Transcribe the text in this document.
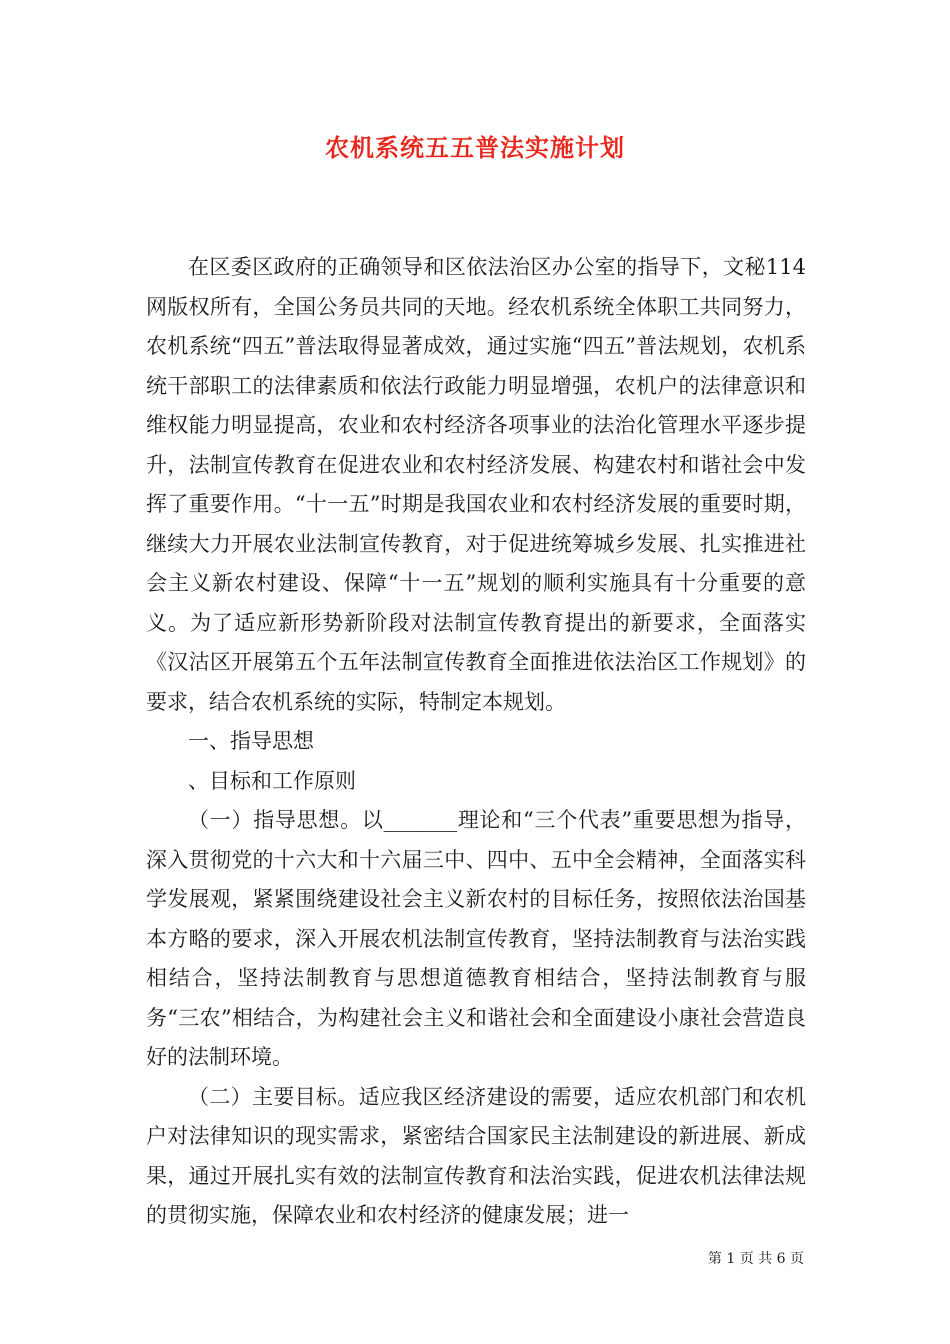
农机系统五五普法实施计划

在区委区政府的正确领导和区依法治区办公室的指导下，文秘114网版权所有，全国公务员共同的天地。经农机系统全体职工共同努力，农机系统“四五”普法取得显著成效，通过实施“四五”普法规划，农机系统干部职工的法律素质和依法行政能力明显增强，农机户的法律意识和维权能力明显提高，农业和农村经济各项事业的法治化管理水平逐步提升，法制宣传教育在促进农业和农村经济发展、构建农村和谐社会中发挥了重要作用。“十一五”时期是我国农业和农村经济发展的重要时期，继续大力开展农业法制宣传教育，对于促进统筹城乡发展、扎实推进社会主义新农村建设、保障“十一五”规划的顺利实施具有十分重要的意义。为了适应新形势新阶段对法制宣传教育提出的新要求，全面落实《汉沽区开展第五个五年法制宣传教育全面推进依法治区工作规划》的要求，结合农机系统的实际，特制定本规划。

一、指导思想

、目标和工作原则

（一）指导思想。以_______理论和“三个代表”重要思想为指导，深入贯彻党的十六大和十六届三中、四中、五中全会精神，全面落实科学发展观，紧紧围绕建设社会主义新农村的目标任务，按照依法治国基本方略的要求，深入开展农机法制宣传教育，坚持法制教育与法治实践相结合，坚持法制教育与思想道德教育相结合，坚持法制教育与服务“三农”相结合，为构建社会主义和谐社会和全面建设小康社会营造良好的法制环境。

（二）主要目标。适应我区经济建设的需要，适应农机部门和农机户对法律知识的现实需求，紧密结合国家民主法制建设的新进展、新成果，通过开展扎实有效的法制宣传教育和法治实践，促进农机法律法规的贯彻实施，保障农业和农村经济的健康发展；进一

第 1 页 共 6 页
